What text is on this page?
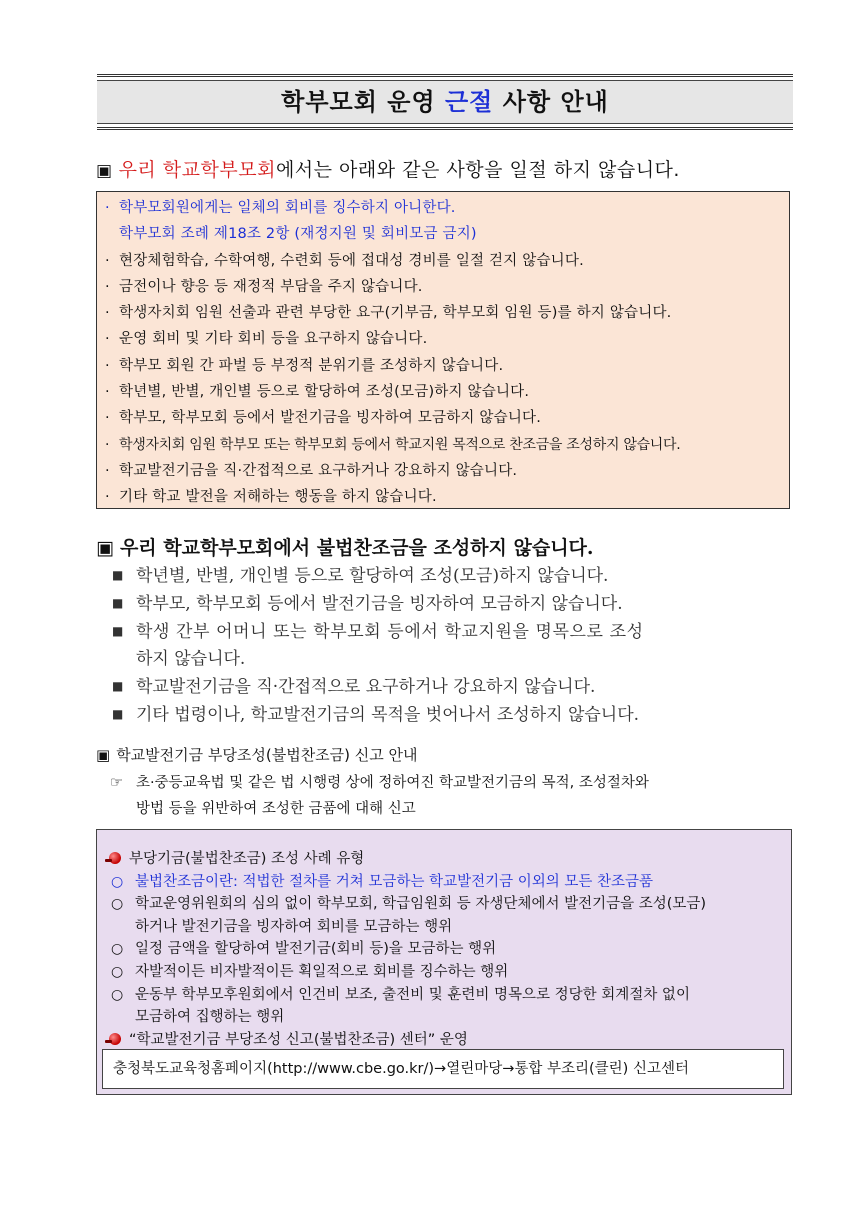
학부모회 운영 근절 사항 안내
▣ 우리 학교학부모회에서는 아래와 같은 사항을 일절 하지 않습니다.
· 학부모회원에게는 일체의 회비를 징수하지 아니한다.
학부모회 조례 제18조 2항 (재정지원 및 회비모금 금지)
· 현장체험학습, 수학여행, 수련회 등에 접대성 경비를 일절 걷지 않습니다.
· 금전이나 향응 등 재정적 부담을 주지 않습니다.
· 학생자치회 임원 선출과 관련 부당한 요구(기부금, 학부모회 임원 등)를 하지 않습니다.
· 운영 회비 및 기타 회비 등을 요구하지 않습니다.
· 학부모 회원 간 파벌 등 부정적 분위기를 조성하지 않습니다.
· 학년별, 반별, 개인별 등으로 할당하여 조성(모금)하지 않습니다.
· 학부모, 학부모회 등에서 발전기금을 빙자하여 모금하지 않습니다.
· 학생자치회 임원 학부모 또는 학부모회 등에서 학교지원 목적으로 찬조금을 조성하지 않습니다.
· 학교발전기금을 직·간접적으로 요구하거나 강요하지 않습니다.
· 기타 학교 발전을 저해하는 행동을 하지 않습니다.
▣ 우리 학교학부모회에서 불법찬조금을 조성하지 않습니다.
■ 학년별, 반별, 개인별 등으로 할당하여 조성(모금)하지 않습니다.
■ 학부모, 학부모회 등에서 발전기금을 빙자하여 모금하지 않습니다.
■ 학생 간부 어머니 또는 학부모회 등에서 학교지원을 명목으로 조성
하지 않습니다.
■ 학교발전기금을 직·간접적으로 요구하거나 강요하지 않습니다.
■ 기타 법령이나, 학교발전기금의 목적을 벗어나서 조성하지 않습니다.
▣ 학교발전기금 부당조성(불법찬조금) 신고 안내
☞ 초·중등교육법 및 같은 법 시행령 상에 정하여진 학교발전기금의 목적, 조성절차와
방법 등을 위반하여 조성한 금품에 대해 신고
부당기금(불법찬조금) 조성 사례 유형
○ 불법찬조금이란: 적법한 절차를 거쳐 모금하는 학교발전기금 이외의 모든 찬조금품
○ 학교운영위원회의 심의 없이 학부모회, 학급임원회 등 자생단체에서 발전기금을 조성(모금)
하거나 발전기금을 빙자하여 회비를 모금하는 행위
○ 일정 금액을 할당하여 발전기금(회비 등)을 모금하는 행위
○ 자발적이든 비자발적이든 획일적으로 회비를 징수하는 행위
○ 운동부 학부모후원회에서 인건비 보조, 출전비 및 훈련비 명목으로 정당한 회계절차 없이
모금하여 집행하는 행위
“학교발전기금 부당조성 신고(불법찬조금) 센터” 운영
충청북도교육청홈페이지(http://www.cbe.go.kr/)→열린마당→통합 부조리(클린) 신고센터
